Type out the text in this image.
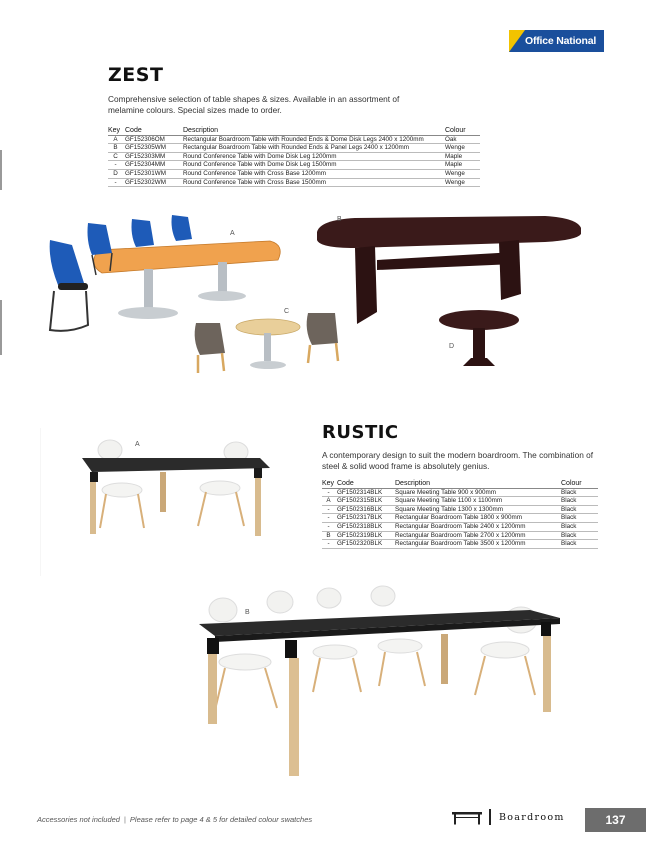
Office National
ZEST
Comprehensive selection of table shapes & sizes. Available in an assortment of melamine colours. Special sizes made to order.
Key	Code	Description	Colour
A	GF152306OM	Rectangular Boardroom Table with Rounded Ends & Dome Disk Legs 2400 x 1200mm	Oak
B	GF152305WM	Rectangular Boardroom Table with Rounded Ends & Panel Legs 2400 x 1200mm	Wenge
C	GF152303MM	Round Conference Table with Dome Disk Leg 1200mm	Maple
-	GF152304MM	Round Conference Table with Dome Disk Leg 1500mm	Maple
D	GF152301WM	Round Conference Table with Cross Base 1200mm	Wenge
-	GF152302WM	Round Conference Table with Cross Base 1500mm	Wenge
A
C
B
D
RUSTIC
A contemporary design to suit the modern boardroom. The combination of steel & solid wood frame is absolutely genius.
Key	Code	Description	Colour
-	GF1502314BLK	Square Meeting Table 900 x 900mm	Black
A	GF1502315BLK	Square Meeting Table 1100 x 1100mm	Black
-	GF1502316BLK	Square Meeting Table 1300 x 1300mm	Black
-	GF1502317BLK	Rectangular Boardroom Table 1800 x 900mm	Black
-	GF1502318BLK	Rectangular Boardroom Table 2400 x 1200mm	Black
B	GF1502319BLK	Rectangular Boardroom Table 2700 x 1200mm	Black
-	GF1502320BLK	Rectangular Boardroom Table 3500 x 1200mm	Black
A
B
Accessories not included | Please refer to page 4 & 5 for detailed colour swatches	Boardroom	137
